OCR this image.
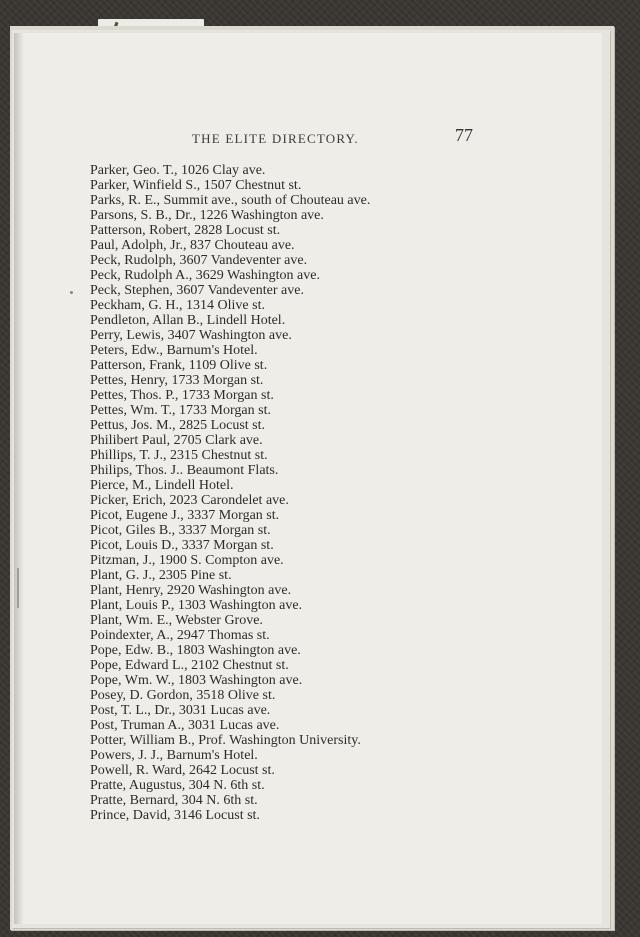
THE ELITE DIRECTORY.	77
Parker, Geo. T., 1026 Clay ave.
Parker, Winfield S., 1507 Chestnut st.
Parks, R. E., Summit ave., south of Chouteau ave.
Parsons, S. B., Dr., 1226 Washington ave.
Patterson, Robert, 2828 Locust st.
Paul, Adolph, Jr., 837 Chouteau ave.
Peck, Rudolph, 3607 Vandeventer ave.
Peck, Rudolph A., 3629 Washington ave.
Peck, Stephen, 3607 Vandeventer ave.
Peckham, G. H., 1314 Olive st.
Pendleton, Allan B., Lindell Hotel.
Perry, Lewis, 3407 Washington ave.
Peters, Edw., Barnum's Hotel.
Patterson, Frank, 1109 Olive st.
Pettes, Henry, 1733 Morgan st.
Pettes, Thos. P., 1733 Morgan st.
Pettes, Wm. T., 1733 Morgan st.
Pettus, Jos. M., 2825 Locust st.
Philibert Paul, 2705 Clark ave.
Phillips, T. J., 2315 Chestnut st.
Philips, Thos. J.. Beaumont Flats.
Pierce, M., Lindell Hotel.
Picker, Erich, 2023 Carondelet ave.
Picot, Eugene J., 3337 Morgan st.
Picot, Giles B., 3337 Morgan st.
Picot, Louis D., 3337 Morgan st.
Pitzman, J., 1900 S. Compton ave.
Plant, G. J., 2305 Pine st.
Plant, Henry, 2920 Washington ave.
Plant, Louis P., 1303 Washington ave.
Plant, Wm. E., Webster Grove.
Poindexter, A., 2947 Thomas st.
Pope, Edw. B., 1803 Washington ave.
Pope, Edward L., 2102 Chestnut st.
Pope, Wm. W., 1803 Washington ave.
Posey, D. Gordon, 3518 Olive st.
Post, T. L., Dr., 3031 Lucas ave.
Post, Truman A., 3031 Lucas ave.
Potter, William B., Prof. Washington University.
Powers, J. J., Barnum's Hotel.
Powell, R. Ward, 2642 Locust st.
Pratte, Augustus, 304 N. 6th st.
Pratte, Bernard, 304 N. 6th st.
Prince, David, 3146 Locust st.
